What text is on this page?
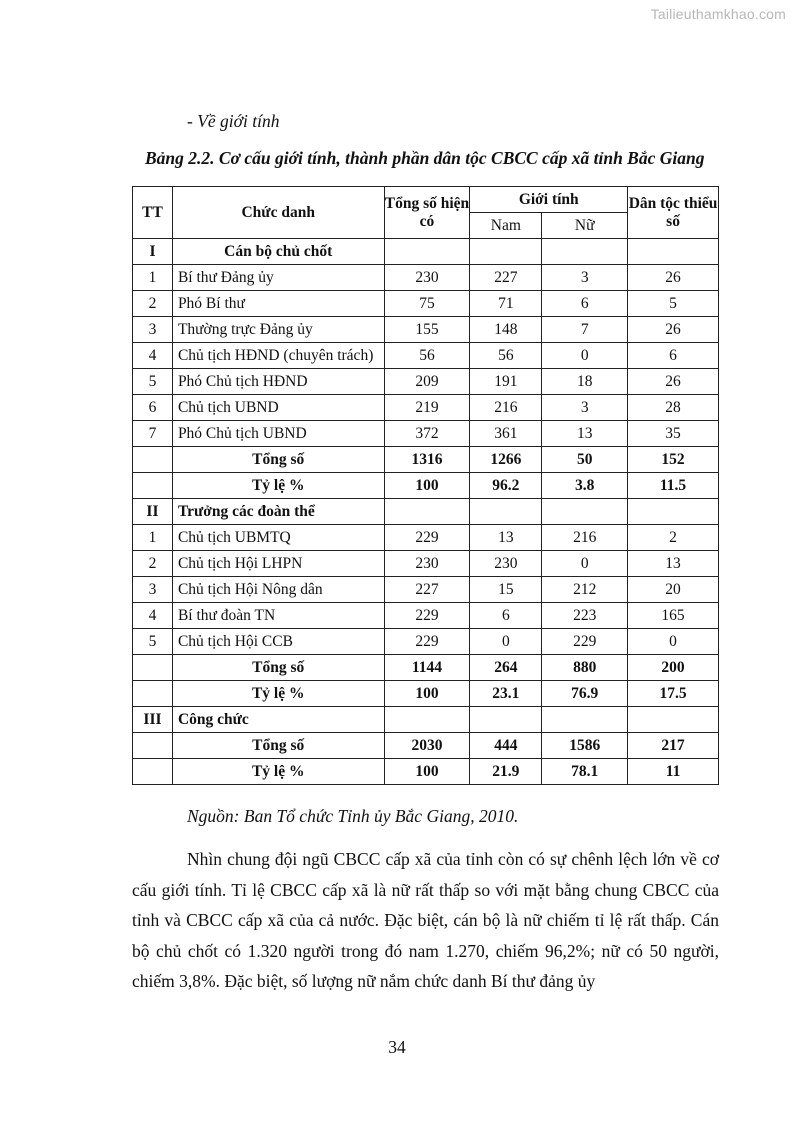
Tailieuthamkhao.com
- Về giới tính
Bảng 2.2. Cơ cấu giới tính, thành phần dân tộc CBCC cấp xã tỉnh Bắc Giang
TT	Chức danh	Tổng số hiện có	Giới tính		Dân tộc thiểu số
			Nam	Nữ	
I	Cán bộ chủ chốt				
1	Bí thư Đảng ủy	230	227	3	26
2	Phó Bí thư	75	71	6	5
3	Thường trực Đảng ủy	155	148	7	26
4	Chủ tịch HĐND (chuyên trách)	56	56	0	6
5	Phó Chủ tịch HĐND	209	191	18	26
6	Chủ tịch UBND	219	216	3	28
7	Phó Chủ tịch UBND	372	361	13	35
	Tổng số	1316	1266	50	152
	Tỷ lệ %	100	96.2	3.8	11.5
II	Trưởng các đoàn thể				
1	Chủ tịch UBMTQ	229	13	216	2
2	Chủ tịch Hội LHPN	230	230	0	13
3	Chủ tịch Hội Nông dân	227	15	212	20
4	Bí thư đoàn TN	229	6	223	165
5	Chủ tịch Hội CCB	229	0	229	0
	Tổng số	1144	264	880	200
	Tỷ lệ %	100	23.1	76.9	17.5
III	Công chức				
	Tổng số	2030	444	1586	217
	Tỷ lệ %	100	21.9	78.1	11
Nguồn: Ban Tổ chức Tỉnh ủy Bắc Giang, 2010.
Nhìn chung đội ngũ CBCC cấp xã của tỉnh còn có sự chênh lệch lớn về cơ cấu giới tính. Tỉ lệ CBCC cấp xã là nữ rất thấp so với mặt bằng chung CBCC của tỉnh và CBCC cấp xã của cả nước. Đặc biệt, cán bộ là nữ chiếm tỉ lệ rất thấp. Cán bộ chủ chốt có 1.320 người trong đó nam 1.270, chiếm 96,2%; nữ có 50 người, chiếm 3,8%. Đặc biệt, số lượng nữ nắm chức danh Bí thư đảng ủy
34
